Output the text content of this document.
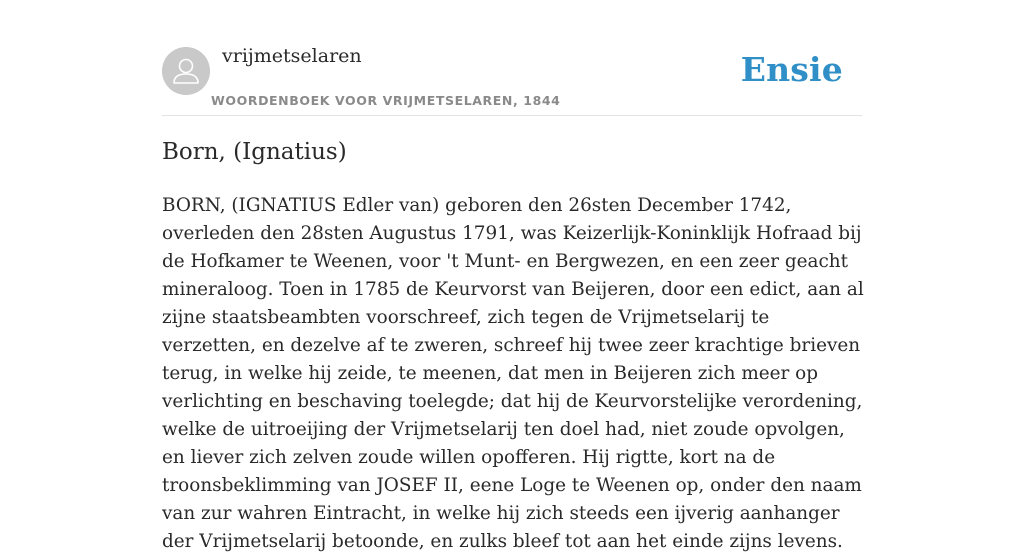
vrijmetselaren
WOORDENBOEK VOOR VRIJMETSELAREN, 1844
Ensie
Born, (Ignatius)

BORN, (IGNATIUS Edler van) geboren den 26sten December 1742, overleden den 28sten Augustus 1791, was Keizerlijk-Koninklijk Hofraad bij de Hofkamer te Weenen, voor 't Munt- en Bergwezen, en een zeer geacht mineraloog. Toen in 1785 de Keurvorst van Beijeren, door een edict, aan al zijne staatsbeambten voorschreef, zich tegen de Vrijmetselarij te verzetten, en dezelve af te zweren, schreef hij twee zeer krachtige brieven terug, in welke hij zeide, te meenen, dat men in Beijeren zich meer op verlichting en beschaving toelegde; dat hij de Keurvorstelijke verordening, welke de uitroeijing der Vrijmetselarij ten doel had, niet zoude opvolgen, en liever zich zelven zoude willen opofferen. Hij rigtte, kort na de troonsbeklimming van JOSEF II, eene Loge te Weenen op, onder den naam van zur wahren Eintracht, in welke hij zich steeds een ijverig aanhanger der Vrijmetselarij betoonde, en zulks bleef tot aan het einde zijns levens.
